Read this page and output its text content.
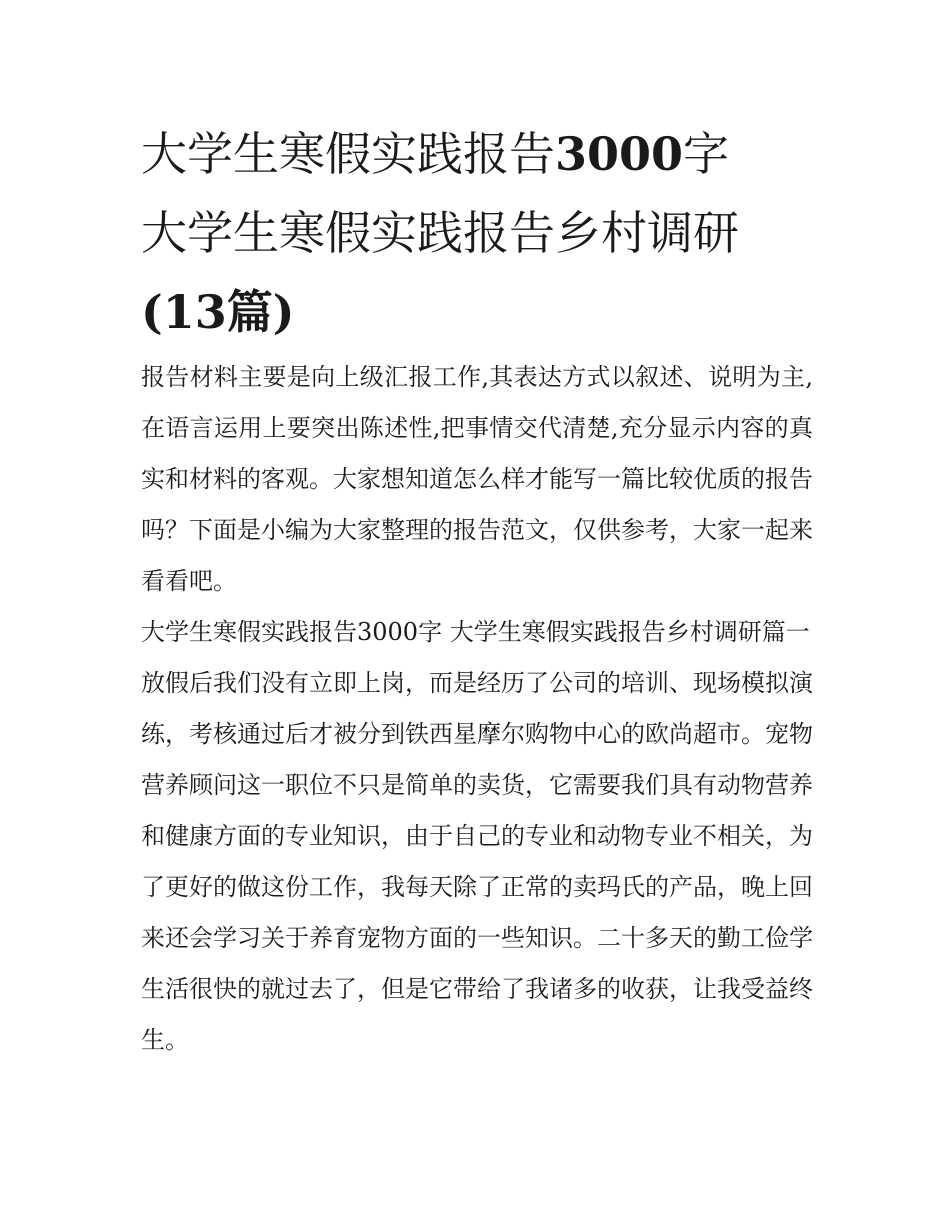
大学生寒假实践报告3000字
大学生寒假实践报告乡村调研
(13篇)

报告材料主要是向上级汇报工作,其表达方式以叙述、说明为主,在语言运用上要突出陈述性,把事情交代清楚,充分显示内容的真实和材料的客观。大家想知道怎么样才能写一篇比较优质的报告吗？下面是小编为大家整理的报告范文，仅供参考，大家一起来看看吧。

大学生寒假实践报告3000字 大学生寒假实践报告乡村调研篇一

放假后我们没有立即上岗，而是经历了公司的培训、现场模拟演练，考核通过后才被分到铁西星摩尔购物中心的欧尚超市。宠物营养顾问这一职位不只是简单的卖货，它需要我们具有动物营养和健康方面的专业知识，由于自己的专业和动物专业不相关，为了更好的做这份工作，我每天除了正常的卖玛氏的产品，晚上回来还会学习关于养育宠物方面的一些知识。二十多天的勤工俭学生活很快的就过去了，但是它带给了我诸多的收获，让我受益终生。
